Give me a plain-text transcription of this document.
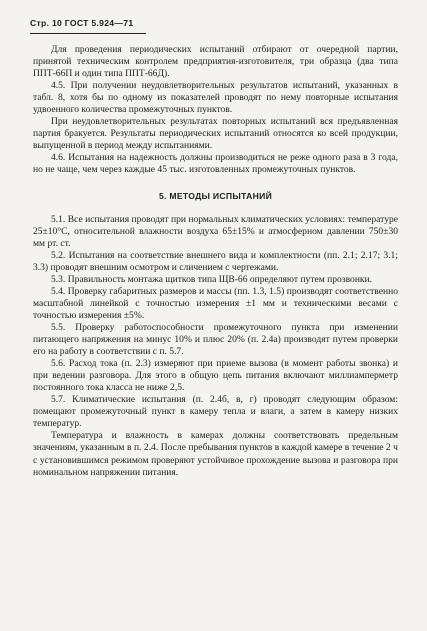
Стр. 10 ГОСТ 5.924—71

Для проведения периодических испытаний отбирают от очередной партии, принятой техническим контролем предприятия-изготовителя, три образца (два типа ППТ-66П и один типа ППТ-66Д).

4.5. При получении неудовлетворительных результатов испытаний, указанных в табл. 8, хотя бы по одному из показателей проводят по нему повторные испытания удвоенного количества промежуточных пунктов.

При неудовлетворительных результатах повторных испытаний вся предъявленная партия бракуется. Результаты периодических испытаний относятся ко всей продукции, выпущенной в период между испытаниями.

4.6. Испытания на надежность должны производиться не реже одного раза в 3 года, но не чаще, чем через каждые 45 тыс. изготовленных промежуточных пунктов.

5. МЕТОДЫ ИСПЫТАНИЙ

5.1. Все испытания проводят при нормальных климатических условиях: температуре 25±10°С, относительной влажности воздуха 65±15% и атмосферном давлении 750±30 мм рт. ст.

5.2. Испытания на соответствие внешнего вида и комплектности (пп. 2.1; 2.17; 3.1; 3.3) проводят внешним осмотром и сличением с чертежами.

5.3. Правильность монтажа щитков типа ЩВ-66 определяют путем прозвонки.

5.4. Проверку габаритных размеров и массы (пп. 1.3, 1.5) производят соответственно масштабной линейкой с точностью измерения ±1 мм и техническими весами с точностью измерения ±5%.

5.5. Проверку работоспособности промежуточного пункта при изменении питающего напряжения на минус 10% и плюс 20% (п. 2.4а) производят путем проверки его на работу в соответствии с п. 5.7.

5.6. Расход тока (п. 2.3) измеряют при приеме вызова (в момент работы звонка) и при ведении разговора. Для этого в общую цепь питания включают миллиамперметр постоянного тока класса не ниже 2,5.

5.7. Климатические испытания (п. 2.4б, в, г) проводят следующим образом: помещают промежуточный пункт в камеру тепла и влаги, а затем в камеру низких температур.

Температура и влажность в камерах должны соответствовать предельным значениям, указанным в п. 2.4. После пребывания пунктов в каждой камере в течение 2 ч с установившимся режимом проверяют устойчивое прохождение вызова и разговора при номинальном напряжении питания.
